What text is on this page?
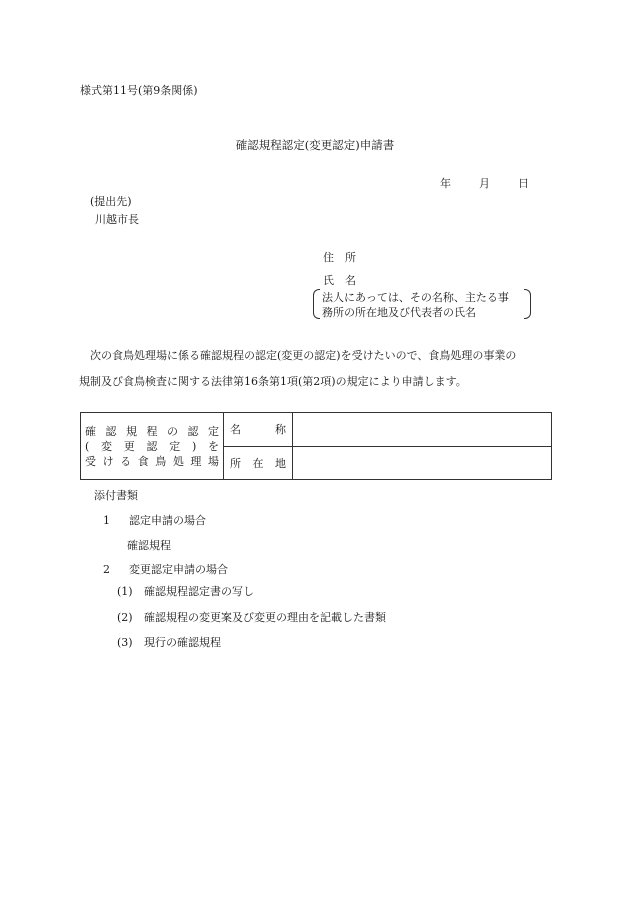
様式第11号(第9条関係)
確認規程認定(変更認定)申請書
年	月	日
(提出先)
川越市長
住　所
氏　名
法人にあっては、その名称、主たる事
務所の所在地及び代表者の氏名
次の食鳥処理場に係る確認規程の認定(変更の認定)を受けたいので、食鳥処理の事業の
規制及び食鳥検査に関する法律第16条第1項(第2項)の規定により申請します。
確認規程の認定
(変更認定)を
受ける食鳥処理場	名　　称	
	所在地	
添付書類
1 認定申請の場合
確認規程
2 変更認定申請の場合
(1) 確認規程認定書の写し
(2) 確認規程の変更案及び変更の理由を記載した書類
(3) 現行の確認規程
